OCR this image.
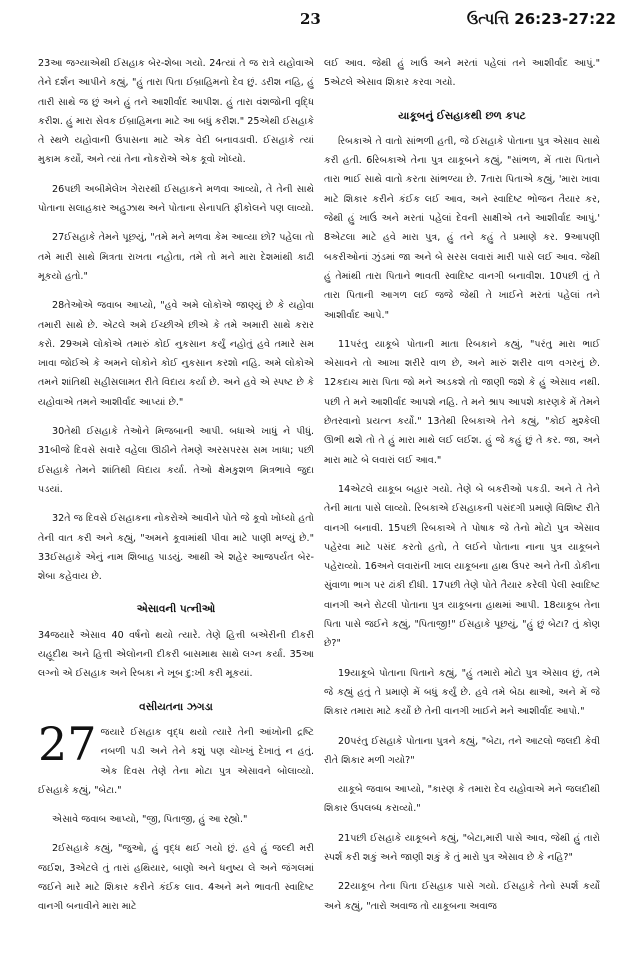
23	ઉત્પત્તિ 26:23-27:22

23આ જગ્યાએથી ઈસહાક બેર-શેબા ગયો. 24ત્યાં તે જ રાત્રે યહોવાએ તેને દર્શન આપીને કહ્યું, "હું તારા પિતા ઈબ્રાહિમનો દેવ છું. ડરીશ નહિ, હું તારી સાથે જ છું અને હું તને આશીર્વાદ આપીશ. હું તારા વંશજોની વૃદ્ધિ કરીશ. હું મારા સેવક ઈબ્રાહિમના માટે આ બધું કરીશ." 25એથી ઈસહાકે તે સ્થળે યહોવાની ઉપાસના માટે એક વેદી બનાવડાવી. ઈસહાકે ત્યાં મુકામ કર્યો, અને ત્યાં તેના નોકરોએ એક કૂવો ખોધ્યો.

26પછી અબીમેલેખ ગેરારથી ઈસહાકને મળવા આવ્યો, તે તેની સાથે પોતાના સલાહકાર અહુઝાથ અને પોતાના સેનાપતિ ફીકોલને પણ લાવ્યો.

27ઈસહાકે તેમને પૂછયું, "તમે મને મળવા કેમ આવ્યા છો? પહેલા તો તમે મારી સાથે મિત્રતા રાખતા નહોતા, તમે તો મને મારા દેશમાંથી કાઢી મૂકયો હતો."

28તેઓએ જવાબ આપ્યો, "હવે અમે લોકોએ જાણ્યું છે કે યહોવા તમારી સાથે છે. એટલે અમે ઈચ્છીએ છીએ કે તમે અમારી સાથે કરાર કરો. 29અમે લોકોએ તમારું કોઈ નુકસાન કર્યું નહોતું હવે તમારે સમ ખાવા જોઈએ કે અમને લોકોને કોઈ નુકસાન કરશો નહિ. અમે લોકોએ તમને શાંતિથી સહીસલામત રીતે વિદાય કર્યા છે. અને હવે એ સ્પષ્ટ છે કે યહોવાએ તમને આશીર્વાદ આપ્યાં છે."

30તેથી ઈસહાકે તેઓને મિજબાની આપી. બધાએ ખાધું ને પીધું. 31બીજે દિવસે સવારે વહેલા ઊઠીને તેમણે અરસપરસ સમ ખાધા; પછી ઈસહાકે તેમને શાંતિથી વિદાય કર્યા. તેઓ ક્ષેમકુશળ મિત્રભાવે જુદા પડયાં.

32તે જ દિવસે ઈસહાકના નોકરોએ આવીને પોતે જે કૂવો ખોધ્યો હતો તેની વાત કરી અને કહ્યું, "અમને કૂવામાંથી પીવા માટે પાણી મળ્યું છે." 33ઈસહાકે એનું નામ શિબાહ પાડયું. આથી એ શહેર આજપર્યત બેર-શેબા કહેવાય છે.

એસાવની પત્નીઓ

34જયારે એસાવ 40 વર્ષનો થયો ત્યારે. તેણે હિત્તી બએરીની દીકરી યહૂદીથ અને હિત્તી એલોનની દીકરી બાસમાથ સાથે લગ્ન કર્યા. 35આ લગ્નો એ ઈસહાક અને રિબકા ને ખૂબ દુ:ખી કરી મૂકયાં.

વસીયતના ઝગડા

27 જયારે ઈસહાક વૃદ્ધ થયો ત્યારે તેની આંખોની દ્રષ્ટિ નબળી પડી અને તેને કશું પણ ચોખ્ખું દેખાતું ન હતું. એક દિવસ તેણે તેના મોટા પુત્ર એસાવને બોલાવ્યો. ઈસહાકે કહ્યું, "બેટા."

એસાવે જવાબ આપ્યો, "જી, પિતાજી, હું આ રહ્યો."

2ઈસહાકે કહ્યું, "જુઓ, હું વૃદ્ધ થઈ ગયો છું. હવે હું જલ્દી મરી જઈશ, 3એટલે તું તારાં હથિયાર, બાણો અને ધનુષ્ય લે અને જંગલમાં જઈને મારે માટે શિકાર કરીને કંઈક લાવ. 4અને મને ભાવતી સ્વાદિષ્ટ વાનગી બનાવીને મારા માટે

લઈ આવ. જેથી હું ખાઉં અને મરતાં પહેલાં તને આશીર્વાદ આપું." 5એટલે એસાવ શિકાર કરવા ગયો.

યાકૂબનું ઈસહાકથી છળ કપટ

રિબકાએ તે વાતો સાંભળી હતી, જે ઈસહાકે પોતાના પુત્ર એસાવ સાથે કરી હતી. 6રિબકાએ તેના પુત્ર યાકૂબને કહ્યું, "સાંભળ, મેં તારા પિતાને તારા ભાઈ સાથે વાતો કરતા સાંભળ્યા છે. 7તારા પિતાએ કહ્યું, 'મારા ખાવા માટે શિકાર કરીને કંઈક લઈ આવ, અને સ્વાદિષ્ટ ભોજન તૈયાર કર, જેથી હું ખાઉં અને મરતાં પહેલાં દેવની સાક્ષીએ તને આશીર્વાદ આપું.' 8એટલા માટે હવે મારા પુત્ર, હું તને કહું તે પ્રમાણે કર. 9આપણી બકરીઓનાં ઝુંડમાં જા અને બે સરસ લવારાં મારી પાસે લઈ આવ. જેથી હું તેમાંથી તારા પિતાને ભાવતી સ્વાદિષ્ટ વાનગી બનાવીશ. 10પછી તું તે તારા પિતાની આગળ લઈ જજે જેથી તે ખાઈને મરતાં પહેલાં તને આશીર્વાદ આપે."

11પરંતુ યાકૂબે પોતાની માતા રિબકાને કહ્યું, "પરંતુ મારા ભાઈ એસાવને તો આખા શરીરે વાળ છે, અને મારું શરીર વાળ વગરનું છે. 12કદાચ મારા પિતા જો મને અડકશે તો જાણી જશે કે હું એસાવ નથી. પછી તે મને આશીર્વાદ આપશે નહિ. તે મને શ્રાપ આપશે કારણકે મેં તેમને છેતરવાનો પ્રયત્ન કર્યો." 13તેથી રિબકાએ તેને કહ્યું, "કોઈ મુશ્કેલી ઊભી થશે તો તે હું મારા માથે લઈ લઈશ. હું જે કહું છું તે કર. જા, અને મારા માટે બે લવારાં લઈ આવ."

14એટલે યાકૂબ બહાર ગયો. તેણે બે બકરીઓ પકડી. અને તે તેને તેની માતા પાસે લાવ્યો. રિબકાએ ઈસહાકની પસંદગી પ્રમાણે વિશિષ્ટ રીતે વાનગી બનાવી. 15પછી રિબકાએ તે પોષાક જે તેનો મોટો પુત્ર એસાવ પહેરવા માટે પસંદ કરતો હતો, તે લઈને પોતાના નાના પુત્ર યાકૂબને પહેરાવ્યો. 16અને લવારાંની ખાલ યાકૂબના હાથ ઉપર અને તેની ડોકીના સુંવાળા ભાગ પર ઢાંકી દીધી. 17પછી તેણે પોતે તૈયાર કરેલી પેલી સ્વાદિષ્ટ વાનગી અને રોટલી પોતાના પુત્ર યાકૂબના હાથમાં આપી. 18યાકૂબ તેના પિતા પાસે જઈને કહ્યું, "પિતાજી!" ઈસહાકે પૂછયું, "હું છું બેટા? તું કોણ છે?"

19યાકૂબે પોતાના પિતાને કહ્યું, "હું તમારો મોટો પુત્ર એસાવ છું, તમે જે કહ્યું હતું તે પ્રમાણે મેં બધું કર્યું છે. હવે તમે બેઠા થાઓ, અને મેં જે શિકાર તમારા માટે કર્યો છે તેની વાનગી ખાઈને મને આશીર્વાદ આપો."

20પરંતુ ઈસહાકે પોતાના પુત્રને કહ્યું, "બેટા, તને આટલો જલદી કેવી રીતે શિકાર મળી ગયો?"

યાકૂબે જવાબ આપ્યો, "કારણ કે તમારા દેવ યહોવાએ મને જલદીથી શિકાર ઉપલબ્ધ કરાવ્યો."

21પછી ઈસહાકે યાકૂબને કહ્યું, "બેટા,મારી પાસે આવ, જેથી હું તારો સ્પર્શ કરી શકું અને જાણી શકું કે તું મારો પુત્ર એસાવ છે કે નહિ?"

22યાકૂબ તેના પિતા ઈસહાક પાસે ગયો. ઈસહાકે તેનો સ્પર્શ કર્યો અને કહ્યું, "તારો અવાજ તો યાકૂબના અવાજ
